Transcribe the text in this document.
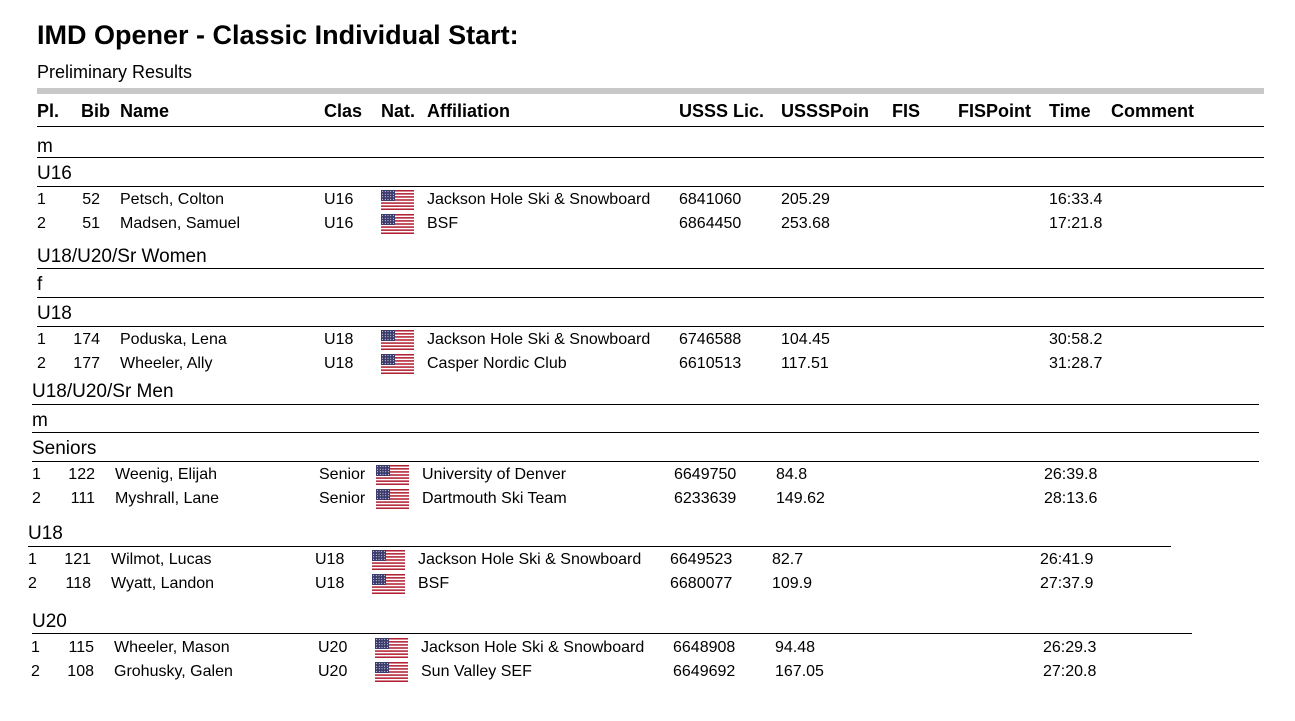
IMD Opener - Classic Individual Start:
Preliminary Results
Pl. Bib Name	Clas Nat. Affiliation	USSS Lic. USSSPoin FIS FISPoint Time Comment
m
U16
1	52 Petsch, Colton	U16	Jackson Hole Ski & Snowboard 6841060 205.29	16:33.4
2	51 Madsen, Samuel	U16	BSF	6864450 253.68	17:21.8
U18/U20/Sr Women
f
U18
1	174 Poduska, Lena	U18	Jackson Hole Ski & Snowboard 6746588 104.45	30:58.2
2	177 Wheeler, Ally	U18	Casper Nordic Club	6610513 117.51	31:28.7
U18/U20/Sr Men
m
Seniors
1	122 Weenig, Elijah	Senior	University of Denver	6649750 84.8	26:39.8
2	111 Myshrall, Lane	Senior	Dartmouth Ski Team	6233639 149.62	28:13.6
U18
1	121 Wilmot, Lucas	U18	Jackson Hole Ski & Snowboard 6649523 82.7	26:41.9
2	118 Wyatt, Landon	U18	BSF	6680077 109.9	27:37.9
U20
1	115 Wheeler, Mason	U20	Jackson Hole Ski & Snowboard 6648908 94.48	26:29.3
2	108 Grohusky, Galen	U20	Sun Valley SEF	6649692 167.05	27:20.8
